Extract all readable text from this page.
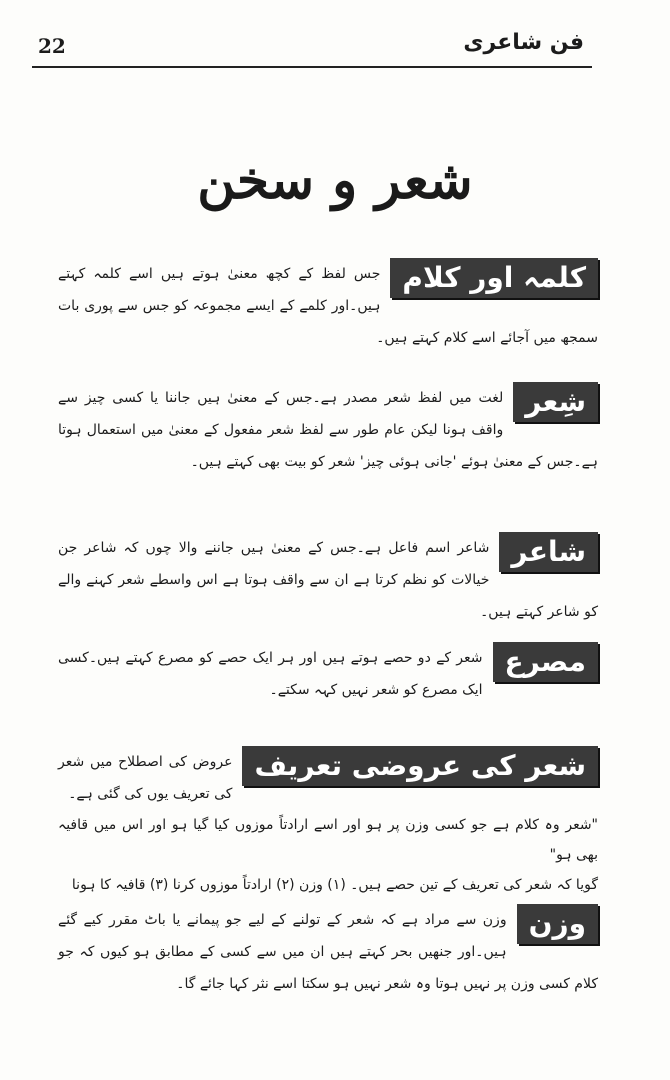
22	فن شاعری
شعر و سخن
کلمہ اور کلام

جس لفظ کے کچھ معنیٰ ہوتے ہیں اسے کلمہ کہتے ہیں۔اور کلمے کے ایسے مجموعہ کو جس سے پوری بات سمجھ میں آجائے اسے کلام کہتے ہیں۔

شِعر

لغت میں لفظ شعر مصدر ہے۔جس کے معنیٰ ہیں جاننا یا کسی چیز سے واقف ہونا لیکن عام طور سے لفظ شعر مفعول کے معنیٰ میں استعمال ہوتا ہے۔جس کے معنیٰ ہوئے 'جانی ہوئی چیز' شعر کو بیت بھی کہتے ہیں۔

شاعر

شاعر اسم فاعل ہے۔جس کے معنیٰ ہیں جاننے والا چوں کہ شاعر جن خیالات کو نظم کرتا ہے ان سے واقف ہوتا ہے اس واسطے شعر کہنے والے کو شاعر کہتے ہیں۔

مصرع

شعر کے دو حصے ہوتے ہیں اور ہر ایک حصے کو مصرع کہتے ہیں۔کسی ایک مصرع کو شعر نہیں کہہ سکتے۔

شعر کی عروضی تعریف

عروض کی اصطلاح میں شعر کی تعریف یوں کی گئی ہے۔

"شعر وہ کلام ہے جو کسی وزن پر ہو اور اسے ارادتاً موزوں کیا گیا ہو اور اس میں قافیہ بھی ہو"

گویا کہ شعر کی تعریف کے تین حصے ہیں۔ (۱) وزن (۲) ارادتاً موزوں کرنا (۳) قافیہ کا ہونا

وزن

وزن سے مراد ہے کہ شعر کے تولنے کے لیے جو پیمانے یا باٹ مقرر کیے گئے ہیں۔اور جنھیں بحر کہتے ہیں ان میں سے کسی کے مطابق ہو کیوں کہ جو کلام کسی وزن پر نہیں ہوتا وہ شعر نہیں ہو سکتا اسے نثر کہا جائے گا۔
